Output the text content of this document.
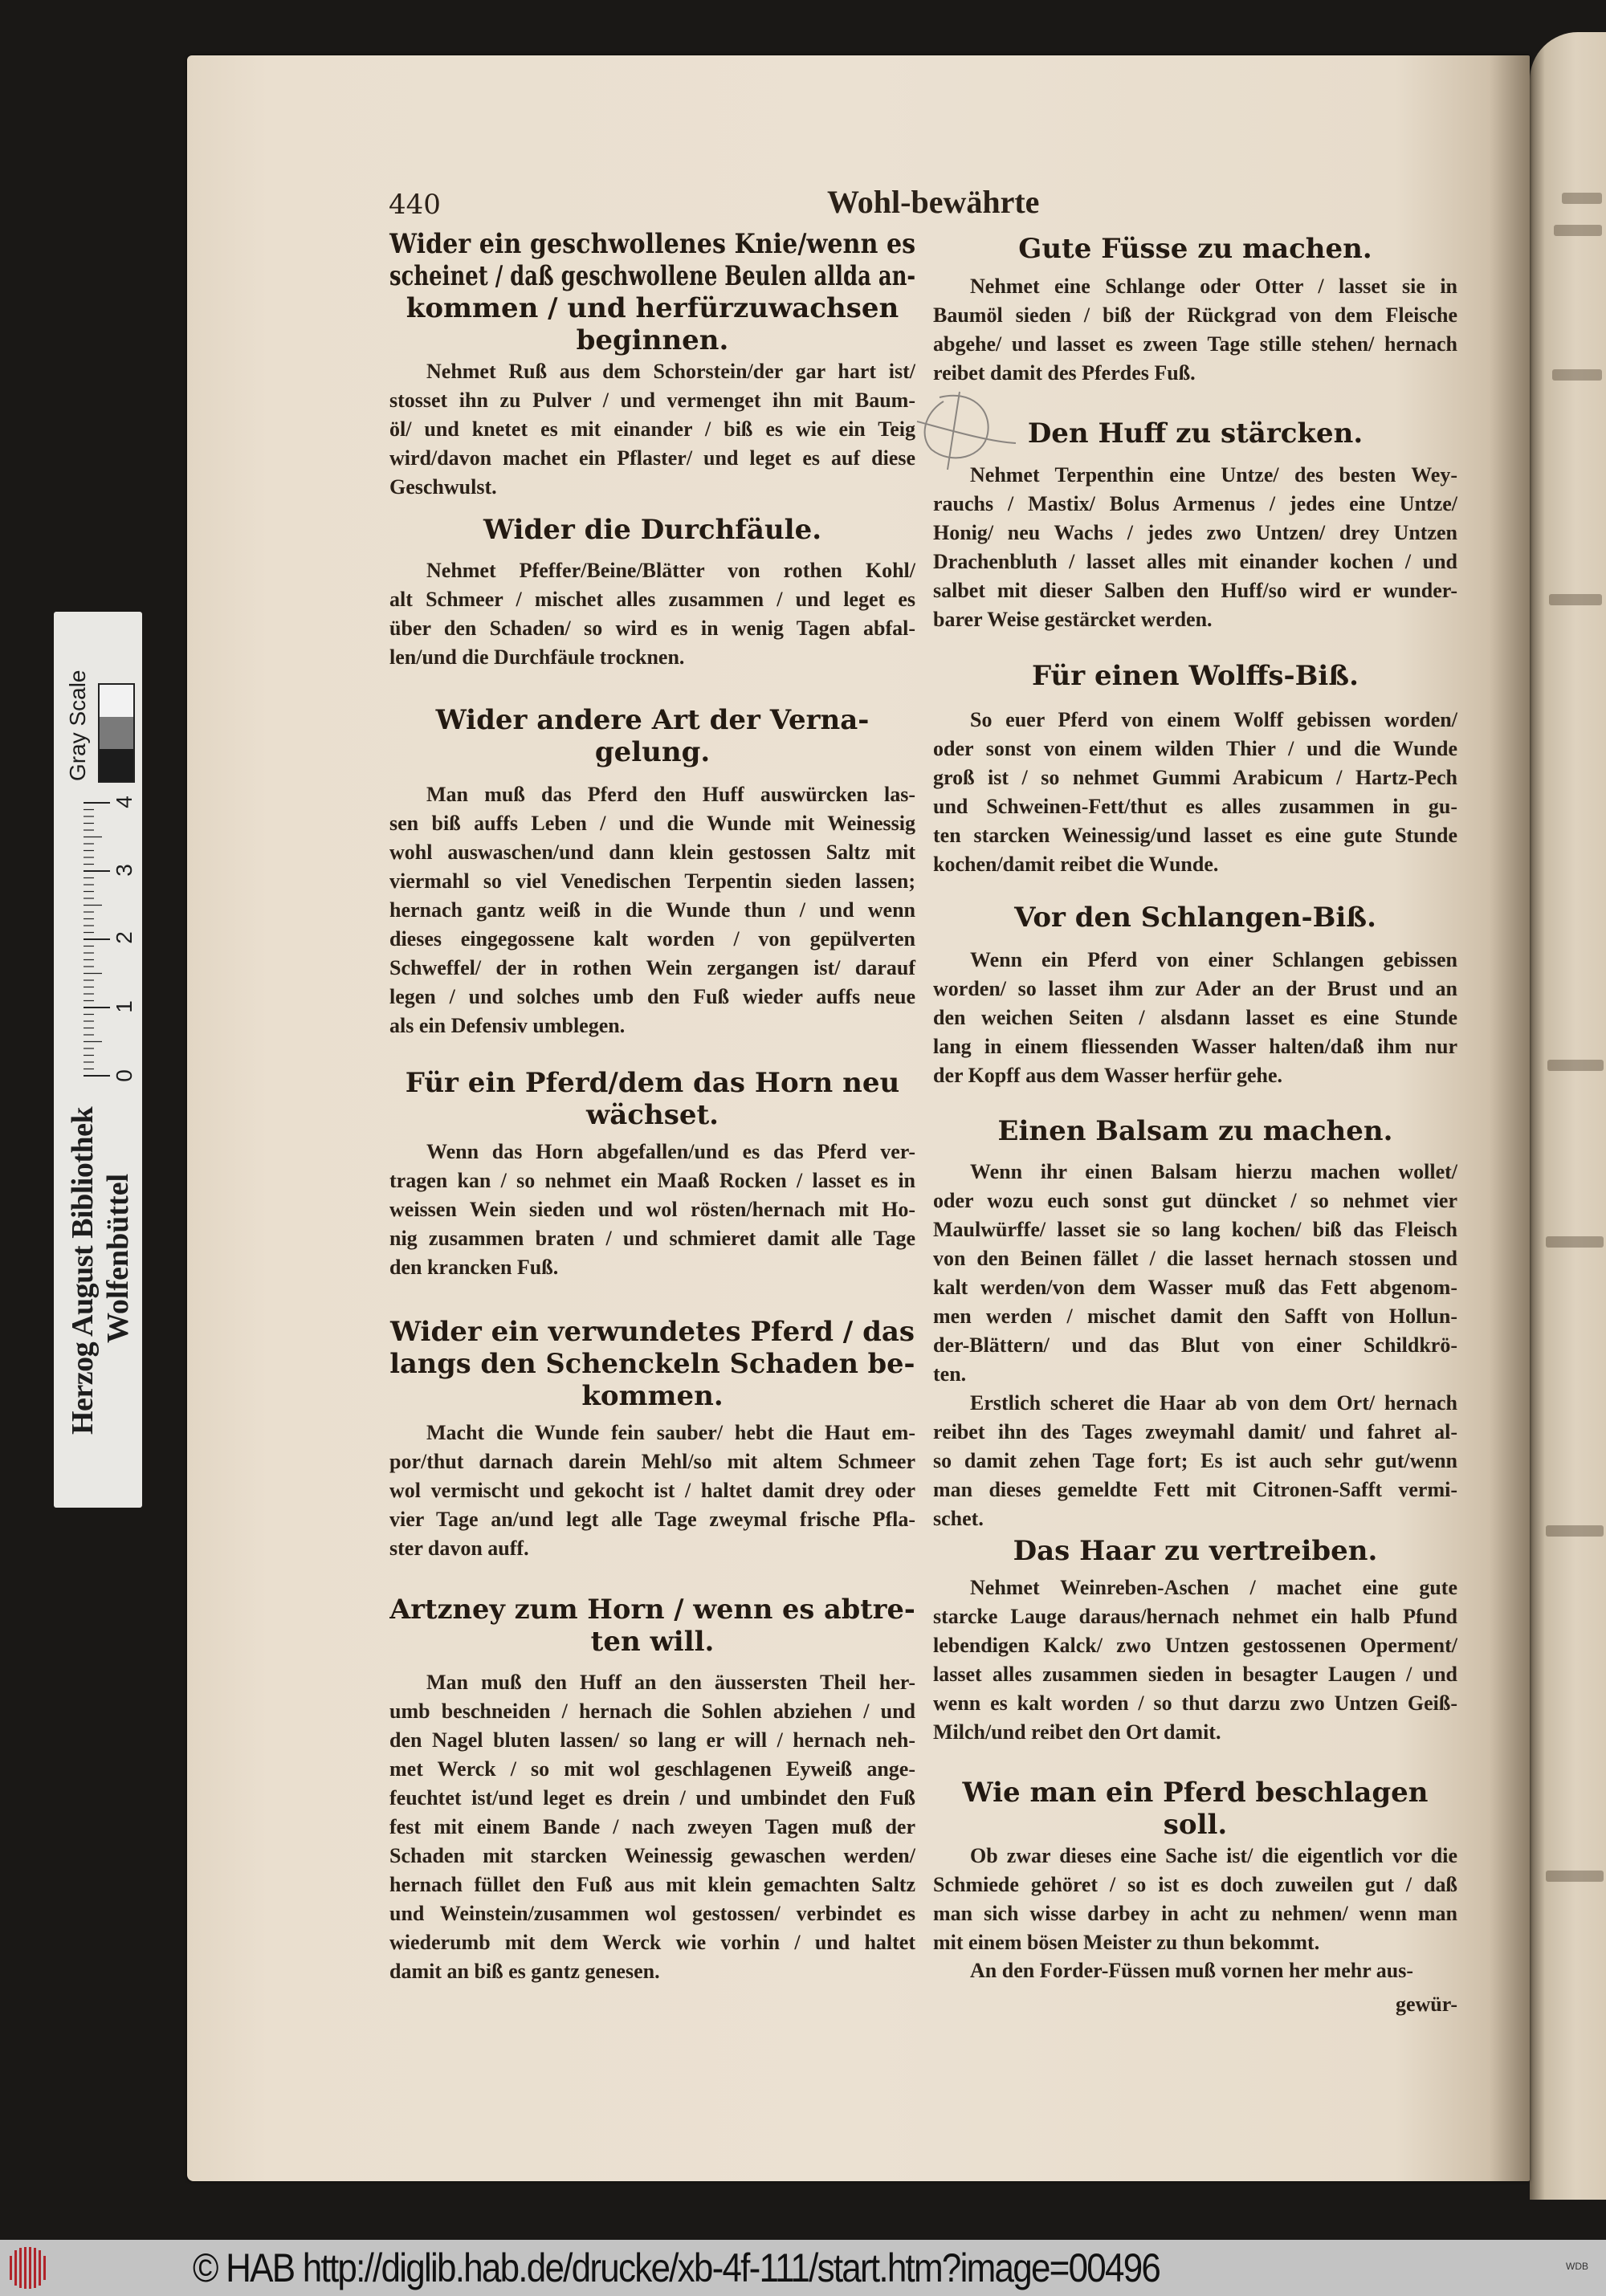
440	Wohl-bewährte
Wider ein geschwollenes Knie/wenn es
scheinet / daß geschwollene Beulen allda an-
kommen / und herfürzuwachsen
beginnen.
Nehmet Ruß aus dem Schorstein/der gar hart ist/
stosset ihn zu Pulver / und vermenget ihn mit Baum-
öl/ und knetet es mit einander / biß es wie ein Teig
wird/davon machet ein Pflaster/ und leget es auf diese
Geschwulst.
Wider die Durchfäule.
Nehmet Pfeffer/Beine/Blätter von rothen Kohl/
alt Schmeer / mischet alles zusammen / und leget es
über den Schaden/ so wird es in wenig Tagen abfal-
len/und die Durchfäule trocknen.
Wider andere Art der Verna-
gelung.
Man muß das Pferd den Huff auswürcken las-
sen biß auffs Leben / und die Wunde mit Weinessig
wohl auswaschen/und dann klein gestossen Saltz mit
viermahl so viel Venedischen Terpentin sieden lassen;
hernach gantz weiß in die Wunde thun / und wenn
dieses eingegossene kalt worden / von gepülverten
Schweffel/ der in rothen Wein zergangen ist/ darauf
legen / und solches umb den Fuß wieder auffs neue
als ein Defensiv umblegen.
Für ein Pferd/dem das Horn neu
wächset.
Wenn das Horn abgefallen/und es das Pferd ver-
tragen kan / so nehmet ein Maaß Rocken / lasset es in
weissen Wein sieden und wol rösten/hernach mit Ho-
nig zusammen braten / und schmieret damit alle Tage
den krancken Fuß.
Wider ein verwundetes Pferd / das
langs den Schenckeln Schaden be-
kommen.
Macht die Wunde fein sauber/ hebt die Haut em-
por/thut darnach darein Mehl/so mit altem Schmeer
wol vermischt und gekocht ist / haltet damit drey oder
vier Tage an/und legt alle Tage zweymal frische Pfla-
ster davon auff.
Artzney zum Horn / wenn es abtre-
ten will.
Man muß den Huff an den äussersten Theil her-
umb beschneiden / hernach die Sohlen abziehen / und
den Nagel bluten lassen/ so lang er will / hernach neh-
met Werck / so mit wol geschlagenen Eyweiß ange-
feuchtet ist/und leget es drein / und umbindet den Fuß
fest mit einem Bande / nach zweyen Tagen muß der
Schaden mit starcken Weinessig gewaschen werden/
hernach füllet den Fuß aus mit klein gemachten Saltz
und Weinstein/zusammen wol gestossen/ verbindet es
wiederumb mit dem Werck wie vorhin / und haltet
damit an biß es gantz genesen.
Gute Füsse zu machen.
Nehmet eine Schlange oder Otter / lasset sie in
Baumöl sieden / biß der Rückgrad von dem Fleische
abgehe/ und lasset es zween Tage stille stehen/ hernach
reibet damit des Pferdes Fuß.
Den Huff zu stärcken.
Nehmet Terpenthin eine Untze/ des besten Wey-
rauchs / Mastix/ Bolus Armenus / jedes eine Untze/
Honig/ neu Wachs / jedes zwo Untzen/ drey Untzen
Drachenbluth / lasset alles mit einander kochen / und
salbet mit dieser Salben den Huff/so wird er wunder-
barer Weise gestärcket werden.
Für einen Wolffs-Biß.
So euer Pferd von einem Wolff gebissen worden/
oder sonst von einem wilden Thier / und die Wunde
groß ist / so nehmet Gummi Arabicum / Hartz-Pech
und Schweinen-Fett/thut es alles zusammen in gu-
ten starcken Weinessig/und lasset es eine gute Stunde
kochen/damit reibet die Wunde.
Vor den Schlangen-Biß.
Wenn ein Pferd von einer Schlangen gebissen
worden/ so lasset ihm zur Ader an der Brust und an
den weichen Seiten / alsdann lasset es eine Stunde
lang in einem fliessenden Wasser halten/daß ihm nur
der Kopff aus dem Wasser herfür gehe.
Einen Balsam zu machen.
Wenn ihr einen Balsam hierzu machen wollet/
oder wozu euch sonst gut düncket / so nehmet vier
Maulwürffe/ lasset sie so lang kochen/ biß das Fleisch
von den Beinen fället / die lasset hernach stossen und
kalt werden/von dem Wasser muß das Fett abgenom-
men werden / mischet damit den Safft von Hollun-
der-Blättern/ und das Blut von einer Schildkrö-
ten.
Erstlich scheret die Haar ab von dem Ort/ hernach
reibet ihn des Tages zweymahl damit/ und fahret al-
so damit zehen Tage fort; Es ist auch sehr gut/wenn
man dieses gemeldte Fett mit Citronen-Safft vermi-
schet.
Das Haar zu vertreiben.
Nehmet Weinreben-Aschen / machet eine gute
starcke Lauge daraus/hernach nehmet ein halb Pfund
lebendigen Kalck/ zwo Untzen gestossenen Operment/
lasset alles zusammen sieden in besagter Laugen / und
wenn es kalt worden / so thut darzu zwo Untzen Geiß-
Milch/und reibet den Ort damit.
Wie man ein Pferd beschlagen
soll.
Ob zwar dieses eine Sache ist/ die eigentlich vor die
Schmiede gehöret / so ist es doch zuweilen gut / daß
man sich wisse darbey in acht zu nehmen/ wenn man
mit einem bösen Meister zu thun bekommt.
An den Forder-Füssen muß vornen her mehr aus-
gewür-
Herzog August Bibliothek Wolfenbüttel
0
1
2
3
4
Gray Scale
© HAB http://diglib.hab.de/drucke/xb-4f-111/start.htm?image=00496	WDB
